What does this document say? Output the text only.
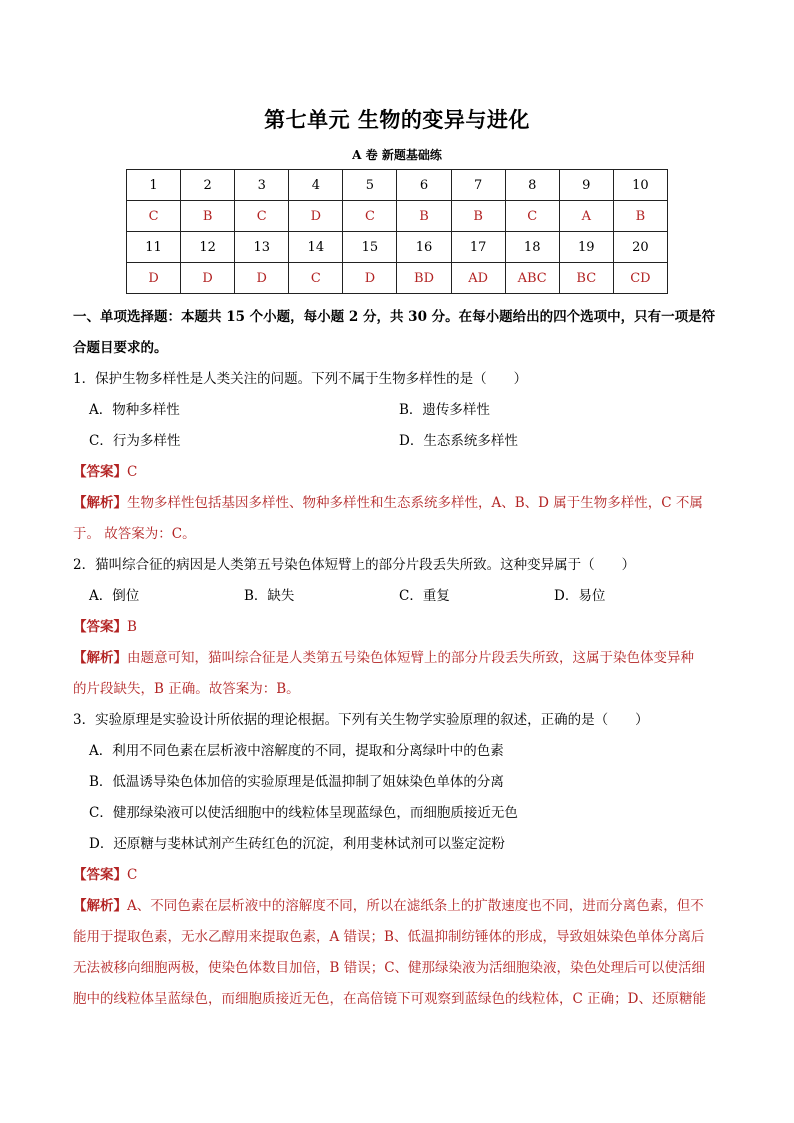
第七单元 生物的变异与进化
A 卷 新题基础练
1	2	3	4	5	6	7	8	9	10
C	B	C	D	C	B	B	C	A	B
11	12	13	14	15	16	17	18	19	20
D	D	D	C	D	BD	AD	ABC	BC	CD

一、单项选择题：本题共 15 个小题，每小题 2 分，共 30 分。在每小题给出的四个选项中，只有一项是符

合题目要求的。

1．保护生物多样性是人类关注的问题。下列不属于生物多样性的是（　　）

A．物种多样性	B．遗传多样性
C．行为多样性	D．生态系统多样性

【答案】C

【解析】生物多样性包括基因多样性、物种多样性和生态系统多样性，A、B、D 属于生物多样性，C 不属

于。 故答案为：C。

2．猫叫综合征的病因是人类第五号染色体短臂上的部分片段丢失所致。这种变异属于（　　）

A．倒位	B．缺失	C．重复	D．易位

【答案】B

【解析】由题意可知，猫叫综合征是人类第五号染色体短臂上的部分片段丢失所致，这属于染色体变异种

的片段缺失，B 正确。故答案为：B。

3．实验原理是实验设计所依据的理论根据。下列有关生物学实验原理的叙述，正确的是（　　）

A．利用不同色素在层析液中溶解度的不同，提取和分离绿叶中的色素

B．低温诱导染色体加倍的实验原理是低温抑制了姐妹染色单体的分离

C．健那绿染液可以使活细胞中的线粒体呈现蓝绿色，而细胞质接近无色

D．还原糖与斐林试剂产生砖红色的沉淀，利用斐林试剂可以鉴定淀粉

【答案】C

【解析】A、不同色素在层析液中的溶解度不同，所以在滤纸条上的扩散速度也不同，进而分离色素，但不

能用于提取色素，无水乙醇用来提取色素，A 错误；B、低温抑制纺锤体的形成，导致姐妹染色单体分离后

无法被移向细胞两极，使染色体数目加倍，B 错误；C、健那绿染液为活细胞染液，染色处理后可以使活细

胞中的线粒体呈蓝绿色，而细胞质接近无色，在高倍镜下可观察到蓝绿色的线粒体，C 正确；D、还原糖能
